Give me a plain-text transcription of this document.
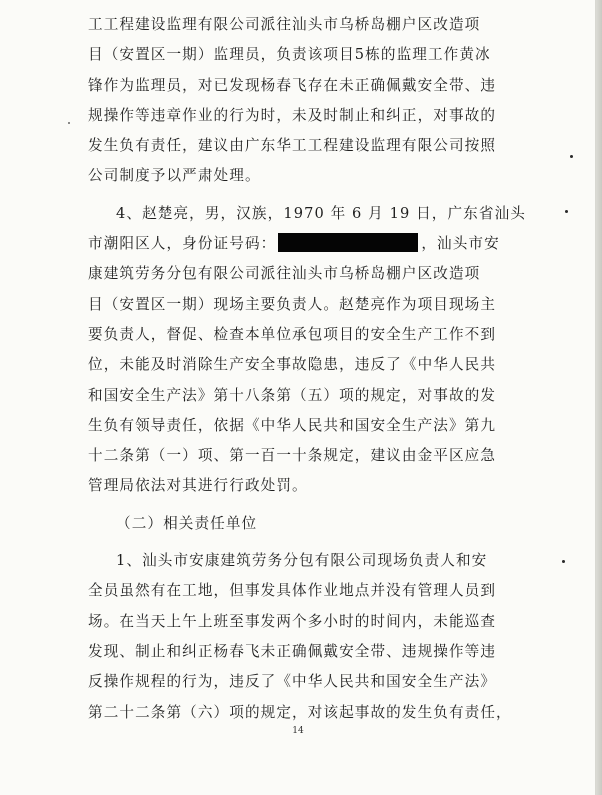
工工程建设监理有限公司派往汕头市乌桥岛棚户区改造项
目（安置区一期）监理员，负责该项目5栋的监理工作黄冰
锋作为监理员，对已发现杨春飞存在未正确佩戴安全带、违
规操作等违章作业的行为时，未及时制止和纠正，对事故的
发生负有责任，建议由广东华工工程建设监理有限公司按照
公司制度予以严肃处理。
4、赵楚亮，男，汉族，1970 年 6 月 19 日，广东省汕头
市潮阳区人，身份证号码：	，汕头市安
康建筑劳务分包有限公司派往汕头市乌桥岛棚户区改造项
目（安置区一期）现场主要负责人。赵楚亮作为项目现场主
要负责人，督促、检查本单位承包项目的安全生产工作不到
位，未能及时消除生产安全事故隐患，违反了《中华人民共
和国安全生产法》第十八条第（五）项的规定，对事故的发
生负有领导责任，依据《中华人民共和国安全生产法》第九
十二条第（一）项、第一百一十条规定，建议由金平区应急
管理局依法对其进行行政处罚。
（二）相关责任单位
1、汕头市安康建筑劳务分包有限公司现场负责人和安
全员虽然有在工地，但事发具体作业地点并没有管理人员到
场。在当天上午上班至事发两个多小时的时间内，未能巡查
发现、制止和纠正杨春飞未正确佩戴安全带、违规操作等违
反操作规程的行为，违反了《中华人民共和国安全生产法》
第二十二条第（六）项的规定，对该起事故的发生负有责任，
14
